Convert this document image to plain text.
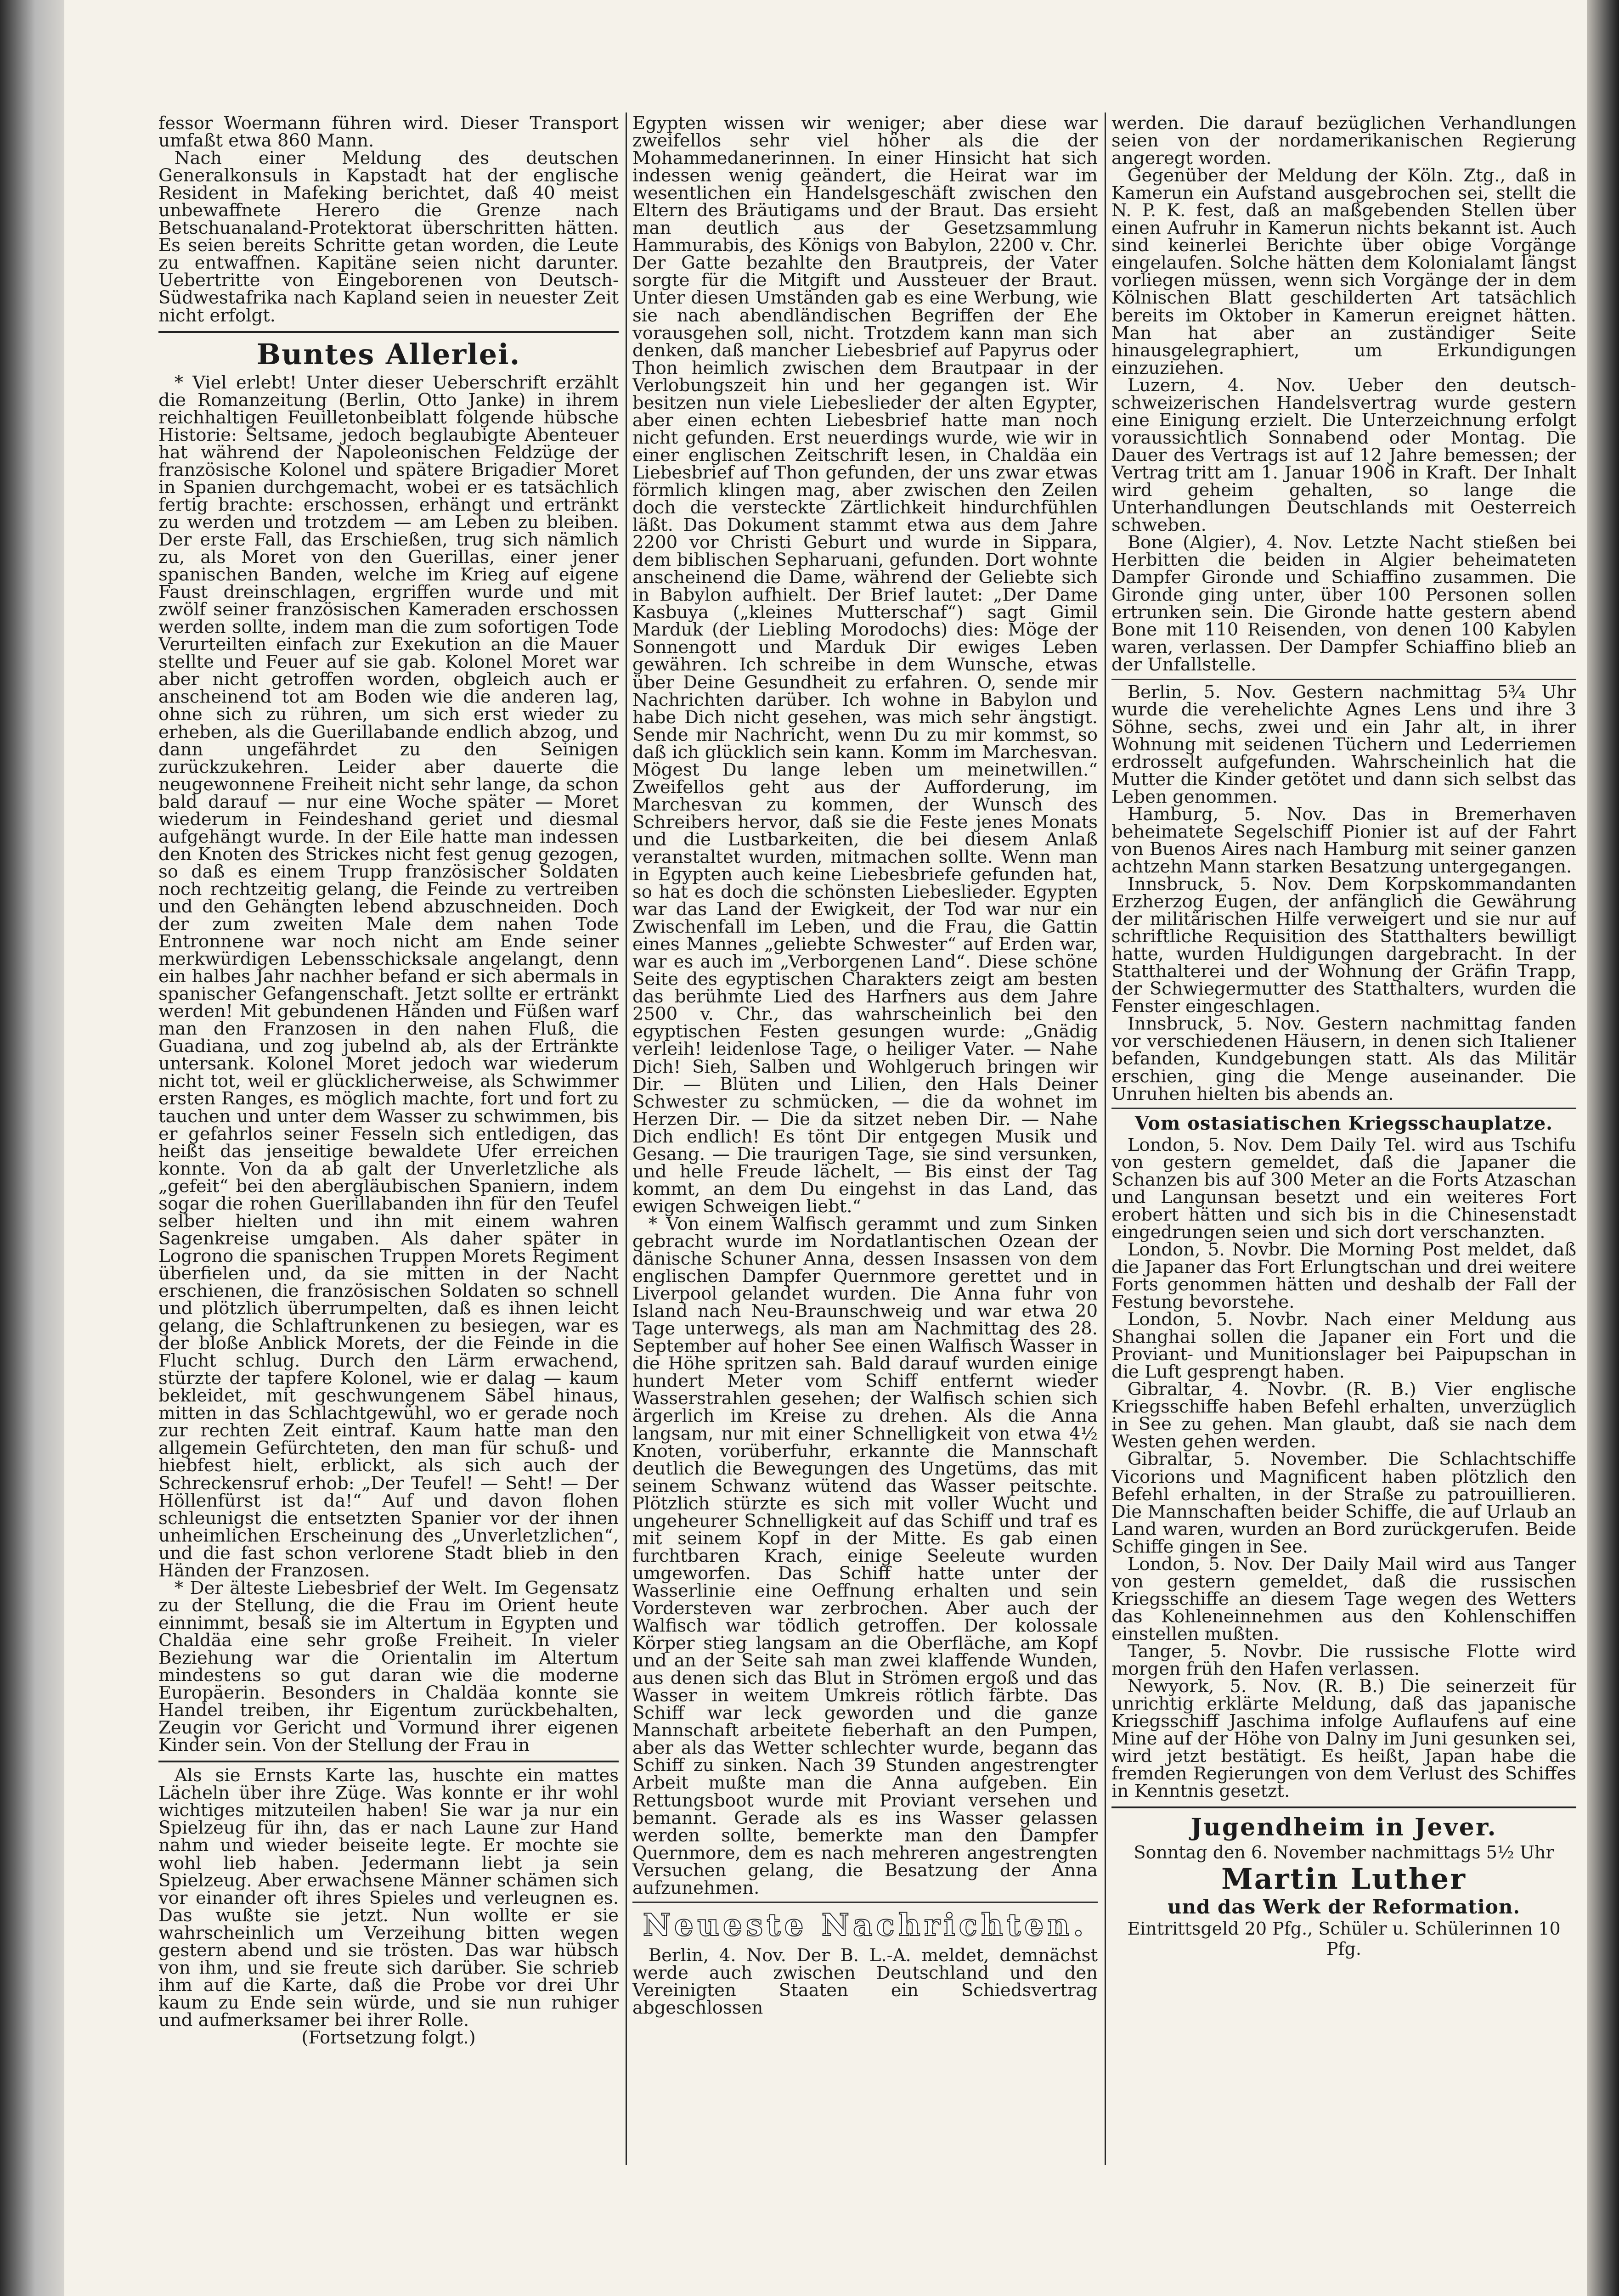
fessor Woermann führen wird. Dieser Transport umfaßt etwa 860 Mann.

Nach einer Meldung des deutschen Generalkonsuls in Kapstadt hat der englische Resident in Mafeking berichtet, daß 40 meist unbewaffnete Herero die Grenze nach Betschuanaland-Protektorat überschritten hätten. Es seien bereits Schritte getan worden, die Leute zu entwaffnen. Kapitäne seien nicht darunter. Uebertritte von Eingeborenen von Deutsch-Südwestafrika nach Kapland seien in neuester Zeit nicht erfolgt.

Buntes Allerlei.

* Viel erlebt! Unter dieser Ueberschrift erzählt die Romanzeitung (Berlin, Otto Janke) in ihrem reichhaltigen Feuilletonbeiblatt folgende hübsche Historie: Seltsame, jedoch beglaubigte Abenteuer hat während der Napoleonischen Feldzüge der französische Kolonel und spätere Brigadier Moret in Spanien durchgemacht, wobei er es tatsächlich fertig brachte: erschossen, erhängt und ertränkt zu werden und trotzdem — am Leben zu bleiben. Der erste Fall, das Erschießen, trug sich nämlich zu, als Moret von den Guerillas, einer jener spanischen Banden, welche im Krieg auf eigene Faust dreinschlagen, ergriffen wurde und mit zwölf seiner französischen Kameraden erschossen werden sollte, indem man die zum sofortigen Tode Verurteilten einfach zur Exekution an die Mauer stellte und Feuer auf sie gab. Kolonel Moret war aber nicht getroffen worden, obgleich auch er anscheinend tot am Boden wie die anderen lag, ohne sich zu rühren, um sich erst wieder zu erheben, als die Guerillabande endlich abzog, und dann ungefährdet zu den Seinigen zurückzukehren. Leider aber dauerte die neugewonnene Freiheit nicht sehr lange, da schon bald darauf — nur eine Woche später — Moret wiederum in Feindeshand geriet und diesmal aufgehängt wurde. In der Eile hatte man indessen den Knoten des Strickes nicht fest genug gezogen, so daß es einem Trupp französischer Soldaten noch rechtzeitig gelang, die Feinde zu vertreiben und den Gehängten lebend abzuschneiden. Doch der zum zweiten Male dem nahen Tode Entronnene war noch nicht am Ende seiner merkwürdigen Lebensschicksale angelangt, denn ein halbes Jahr nachher befand er sich abermals in spanischer Gefangenschaft. Jetzt sollte er ertränkt werden! Mit gebundenen Händen und Füßen warf man den Franzosen in den nahen Fluß, die Guadiana, und zog jubelnd ab, als der Ertränkte untersank. Kolonel Moret jedoch war wiederum nicht tot, weil er glücklicherweise, als Schwimmer ersten Ranges, es möglich machte, fort und fort zu tauchen und unter dem Wasser zu schwimmen, bis er gefahrlos seiner Fesseln sich entledigen, das heißt das jenseitige bewaldete Ufer erreichen konnte. Von da ab galt der Unverletzliche als „gefeit“ bei den abergläubischen Spaniern, indem sogar die rohen Guerillabanden ihn für den Teufel selber hielten und ihn mit einem wahren Sagenkreise umgaben. Als daher später in Logrono die spanischen Truppen Morets Regiment überfielen und, da sie mitten in der Nacht erschienen, die französischen Soldaten so schnell und plötzlich überrumpelten, daß es ihnen leicht gelang, die Schlaftrunkenen zu besiegen, war es der bloße Anblick Morets, der die Feinde in die Flucht schlug. Durch den Lärm erwachend, stürzte der tapfere Kolonel, wie er dalag — kaum bekleidet, mit geschwungenem Säbel hinaus, mitten in das Schlachtgewühl, wo er gerade noch zur rechten Zeit eintraf. Kaum hatte man den allgemein Gefürchteten, den man für schuß- und hiebfest hielt, erblickt, als sich auch der Schreckensruf erhob: „Der Teufel! — Seht! — Der Höllenfürst ist da!“ Auf und davon flohen schleunigst die entsetzten Spanier vor der ihnen unheimlichen Erscheinung des „Unverletzlichen“, und die fast schon verlorene Stadt blieb in den Händen der Franzosen.

* Der älteste Liebesbrief der Welt. Im Gegensatz zu der Stellung, die die Frau im Orient heute einnimmt, besaß sie im Altertum in Egypten und Chaldäa eine sehr große Freiheit. In vieler Beziehung war die Orientalin im Altertum mindestens so gut daran wie die moderne Europäerin. Besonders in Chaldäa konnte sie Handel treiben, ihr Eigentum zurückbehalten, Zeugin vor Gericht und Vormund ihrer eigenen Kinder sein. Von der Stellung der Frau in

Als sie Ernsts Karte las, huschte ein mattes Lächeln über ihre Züge. Was konnte er ihr wohl wichtiges mitzuteilen haben! Sie war ja nur ein Spielzeug für ihn, das er nach Laune zur Hand nahm und wieder beiseite legte. Er mochte sie wohl lieb haben. Jedermann liebt ja sein Spielzeug. Aber erwachsene Männer schämen sich vor einander oft ihres Spieles und verleugnen es. Das wußte sie jetzt. Nun wollte er sie wahrscheinlich um Verzeihung bitten wegen gestern abend und sie trösten. Das war hübsch von ihm, und sie freute sich darüber. Sie schrieb ihm auf die Karte, daß die Probe vor drei Uhr kaum zu Ende sein würde, und sie nun ruhiger und aufmerksamer bei ihrer Rolle.

(Fortsetzung folgt.)

Egypten wissen wir weniger; aber diese war zweifellos sehr viel höher als die der Mohammedanerinnen. In einer Hinsicht hat sich indessen wenig geändert, die Heirat war im wesentlichen ein Handelsgeschäft zwischen den Eltern des Bräutigams und der Braut. Das ersieht man deutlich aus der Gesetzsammlung Hammurabis, des Königs von Babylon, 2200 v. Chr. Der Gatte bezahlte den Brautpreis, der Vater sorgte für die Mitgift und Aussteuer der Braut. Unter diesen Umständen gab es eine Werbung, wie sie nach abendländischen Begriffen der Ehe vorausgehen soll, nicht. Trotzdem kann man sich denken, daß mancher Liebesbrief auf Papyrus oder Thon heimlich zwischen dem Brautpaar in der Verlobungszeit hin und her gegangen ist. Wir besitzen nun viele Liebeslieder der alten Egypter, aber einen echten Liebesbrief hatte man noch nicht gefunden. Erst neuerdings wurde, wie wir in einer englischen Zeitschrift lesen, in Chaldäa ein Liebesbrief auf Thon gefunden, der uns zwar etwas förmlich klingen mag, aber zwischen den Zeilen doch die versteckte Zärtlichkeit hindurchfühlen läßt. Das Dokument stammt etwa aus dem Jahre 2200 vor Christi Geburt und wurde in Sippara, dem biblischen Sepharuani, gefunden. Dort wohnte anscheinend die Dame, während der Geliebte sich in Babylon aufhielt. Der Brief lautet: „Der Dame Kasbuya („kleines Mutterschaf“) sagt Gimil Marduk (der Liebling Morodochs) dies: Möge der Sonnengott und Marduk Dir ewiges Leben gewähren. Ich schreibe in dem Wunsche, etwas über Deine Gesundheit zu erfahren. O, sende mir Nachrichten darüber. Ich wohne in Babylon und habe Dich nicht gesehen, was mich sehr ängstigt. Sende mir Nachricht, wenn Du zu mir kommst, so daß ich glücklich sein kann. Komm im Marchesvan. Mögest Du lange leben um meinetwillen.“ Zweifellos geht aus der Aufforderung, im Marchesvan zu kommen, der Wunsch des Schreibers hervor, daß sie die Feste jenes Monats und die Lustbarkeiten, die bei diesem Anlaß veranstaltet wurden, mitmachen sollte. Wenn man in Egypten auch keine Liebesbriefe gefunden hat, so hat es doch die schönsten Liebeslieder. Egypten war das Land der Ewigkeit, der Tod war nur ein Zwischenfall im Leben, und die Frau, die Gattin eines Mannes „geliebte Schwester“ auf Erden war, war es auch im „Verborgenen Land“. Diese schöne Seite des egyptischen Charakters zeigt am besten das berühmte Lied des Harfners aus dem Jahre 2500 v. Chr., das wahrscheinlich bei den egyptischen Festen gesungen wurde: „Gnädig verleih! leidenlose Tage, o heiliger Vater. — Nahe Dich! Sieh, Salben und Wohlgeruch bringen wir Dir. — Blüten und Lilien, den Hals Deiner Schwester zu schmücken, — die da wohnet im Herzen Dir. — Die da sitzet neben Dir. — Nahe Dich endlich! Es tönt Dir entgegen Musik und Gesang. — Die traurigen Tage, sie sind versunken, und helle Freude lächelt, — Bis einst der Tag kommt, an dem Du eingehst in das Land, das ewigen Schweigen liebt.“

* Von einem Walfisch gerammt und zum Sinken gebracht wurde im Nordatlantischen Ozean der dänische Schuner Anna, dessen Insassen von dem englischen Dampfer Quernmore gerettet und in Liverpool gelandet wurden. Die Anna fuhr von Island nach Neu-Braunschweig und war etwa 20 Tage unterwegs, als man am Nachmittag des 28. September auf hoher See einen Walfisch Wasser in die Höhe spritzen sah. Bald darauf wurden einige hundert Meter vom Schiff entfernt wieder Wasserstrahlen gesehen; der Walfisch schien sich ärgerlich im Kreise zu drehen. Als die Anna langsam, nur mit einer Schnelligkeit von etwa 4½ Knoten, vorüberfuhr, erkannte die Mannschaft deutlich die Bewegungen des Ungetüms, das mit seinem Schwanz wütend das Wasser peitschte. Plötzlich stürzte es sich mit voller Wucht und ungeheurer Schnelligkeit auf das Schiff und traf es mit seinem Kopf in der Mitte. Es gab einen furchtbaren Krach, einige Seeleute wurden umgeworfen. Das Schiff hatte unter der Wasserlinie eine Oeffnung erhalten und sein Vordersteven war zerbrochen. Aber auch der Walfisch war tödlich getroffen. Der kolossale Körper stieg langsam an die Oberfläche, am Kopf und an der Seite sah man zwei klaffende Wunden, aus denen sich das Blut in Strömen ergoß und das Wasser in weitem Umkreis rötlich färbte. Das Schiff war leck geworden und die ganze Mannschaft arbeitete fieberhaft an den Pumpen, aber als das Wetter schlechter wurde, begann das Schiff zu sinken. Nach 39 Stunden angestrengter Arbeit mußte man die Anna aufgeben. Ein Rettungsboot wurde mit Proviant versehen und bemannt. Gerade als es ins Wasser gelassen werden sollte, bemerkte man den Dampfer Quernmore, dem es nach mehreren angestrengten Versuchen gelang, die Besatzung der Anna aufzunehmen.

Neueste Nachrichten.

Berlin, 4. Nov. Der B. L.-A. meldet, demnächst werde auch zwischen Deutschland und den Vereinigten Staaten ein Schiedsvertrag abgeschlossen

werden. Die darauf bezüglichen Verhandlungen seien von der nordamerikanischen Regierung angeregt worden.

Gegenüber der Meldung der Köln. Ztg., daß in Kamerun ein Aufstand ausgebrochen sei, stellt die N. P. K. fest, daß an maßgebenden Stellen über einen Aufruhr in Kamerun nichts bekannt ist. Auch sind keinerlei Berichte über obige Vorgänge eingelaufen. Solche hätten dem Kolonialamt längst vorliegen müssen, wenn sich Vorgänge der in dem Kölnischen Blatt geschilderten Art tatsächlich bereits im Oktober in Kamerun ereignet hätten. Man hat aber an zuständiger Seite hinausgelegraphiert, um Erkundigungen einzuziehen.

Luzern, 4. Nov. Ueber den deutsch-schweizerischen Handelsvertrag wurde gestern eine Einigung erzielt. Die Unterzeichnung erfolgt voraussichtlich Sonnabend oder Montag. Die Dauer des Vertrags ist auf 12 Jahre bemessen; der Vertrag tritt am 1. Januar 1906 in Kraft. Der Inhalt wird geheim gehalten, so lange die Unterhandlungen Deutschlands mit Oesterreich schweben.

Bone (Algier), 4. Nov. Letzte Nacht stießen bei Herbitten die beiden in Algier beheimateten Dampfer Gironde und Schiaffino zusammen. Die Gironde ging unter, über 100 Personen sollen ertrunken sein. Die Gironde hatte gestern abend Bone mit 110 Reisenden, von denen 100 Kabylen waren, verlassen. Der Dampfer Schiaffino blieb an der Unfallstelle.

Berlin, 5. Nov. Gestern nachmittag 5¾ Uhr wurde die verehelichte Agnes Lens und ihre 3 Söhne, sechs, zwei und ein Jahr alt, in ihrer Wohnung mit seidenen Tüchern und Lederriemen erdrosselt aufgefunden. Wahrscheinlich hat die Mutter die Kinder getötet und dann sich selbst das Leben genommen.

Hamburg, 5. Nov. Das in Bremerhaven beheimatete Segelschiff Pionier ist auf der Fahrt von Buenos Aires nach Hamburg mit seiner ganzen achtzehn Mann starken Besatzung untergegangen.

Innsbruck, 5. Nov. Dem Korpskommandanten Erzherzog Eugen, der anfänglich die Gewährung der militärischen Hilfe verweigert und sie nur auf schriftliche Requisition des Statthalters bewilligt hatte, wurden Huldigungen dargebracht. In der Statthalterei und der Wohnung der Gräfin Trapp, der Schwiegermutter des Statthalters, wurden die Fenster eingeschlagen.

Innsbruck, 5. Nov. Gestern nachmittag fanden vor verschiedenen Häusern, in denen sich Italiener befanden, Kundgebungen statt. Als das Militär erschien, ging die Menge auseinander. Die Unruhen hielten bis abends an.

Vom ostasiatischen Kriegsschauplatze.

London, 5. Nov. Dem Daily Tel. wird aus Tschifu von gestern gemeldet, daß die Japaner die Schanzen bis auf 300 Meter an die Forts Atzaschan und Langunsan besetzt und ein weiteres Fort erobert hätten und sich bis in die Chinesenstadt eingedrungen seien und sich dort verschanzten.

London, 5. Novbr. Die Morning Post meldet, daß die Japaner das Fort Erlungtschan und drei weitere Forts genommen hätten und deshalb der Fall der Festung bevorstehe.

London, 5. Novbr. Nach einer Meldung aus Shanghai sollen die Japaner ein Fort und die Proviant- und Munitionslager bei Paipupschan in die Luft gesprengt haben.

Gibraltar, 4. Novbr. (R. B.) Vier englische Kriegsschiffe haben Befehl erhalten, unverzüglich in See zu gehen. Man glaubt, daß sie nach dem Westen gehen werden.

Gibraltar, 5. November. Die Schlachtschiffe Vicorions und Magnificent haben plötzlich den Befehl erhalten, in der Straße zu patrouillieren. Die Mannschaften beider Schiffe, die auf Urlaub an Land waren, wurden an Bord zurückgerufen. Beide Schiffe gingen in See.

London, 5. Nov. Der Daily Mail wird aus Tanger von gestern gemeldet, daß die russischen Kriegsschiffe an diesem Tage wegen des Wetters das Kohleneinnehmen aus den Kohlenschiffen einstellen mußten.

Tanger, 5. Novbr. Die russische Flotte wird morgen früh den Hafen verlassen.

Newyork, 5. Nov. (R. B.) Die seinerzeit für unrichtig erklärte Meldung, daß das japanische Kriegsschiff Jaschima infolge Auflaufens auf eine Mine auf der Höhe von Dalny im Juni gesunken sei, wird jetzt bestätigt. Es heißt, Japan habe die fremden Regierungen von dem Verlust des Schiffes in Kenntnis gesetzt.

Jugendheim in Jever.
Sonntag den 6. November nachmittags 5½ Uhr
Martin Luther
und das Werk der Reformation.
Eintrittsgeld 20 Pfg., Schüler u. Schülerinnen 10 Pfg.
